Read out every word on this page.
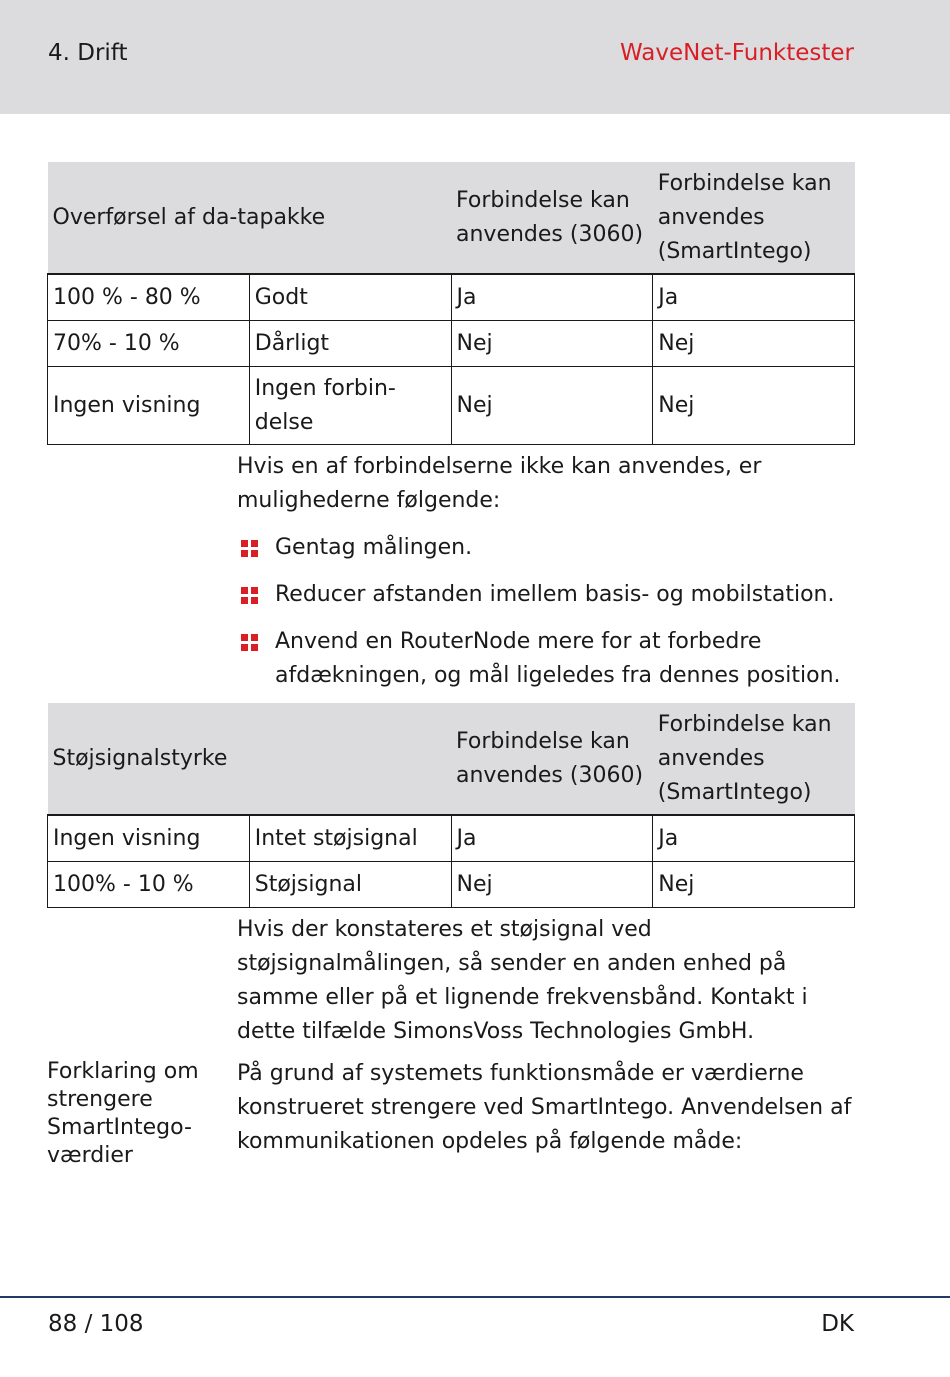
4. Drift	WaveNet-Funktester
Overførsel af da-tapakke		Forbindelse kan anvendes (3060)	Forbindelse kan anvendes (SmartIntego)
100 % - 80 %	Godt	Ja	Ja
70% - 10 %	Dårligt	Nej	Nej
Ingen visning	Ingen forbin-delse	Nej	Nej

Hvis en af forbindelserne ikke kan anvendes, er mulighederne følgende:

Gentag målingen.
Reducer afstanden imellem basis- og mobilstation.
Anvend en RouterNode mere for at forbedre afdækningen, og mål ligeledes fra dennes position.
Støjsignalstyrke		Forbindelse kan anvendes (3060)	Forbindelse kan anvendes (SmartIntego)
Ingen visning	Intet støjsignal	Ja	Ja
100% - 10 %	Støjsignal	Nej	Nej

Hvis der konstateres et støjsignal ved støjsignalmålingen, så sender en anden enhed på samme eller på et lignende frekvensbånd. Kontakt i dette tilfælde SimonsVoss Technologies GmbH.

Forklaring om strengere SmartIntego-værdier

På grund af systemets funktionsmåde er værdierne konstrueret strengere ved SmartIntego. Anvendelsen af kommunikationen opdeles på følgende måde:

88 / 108	DK
